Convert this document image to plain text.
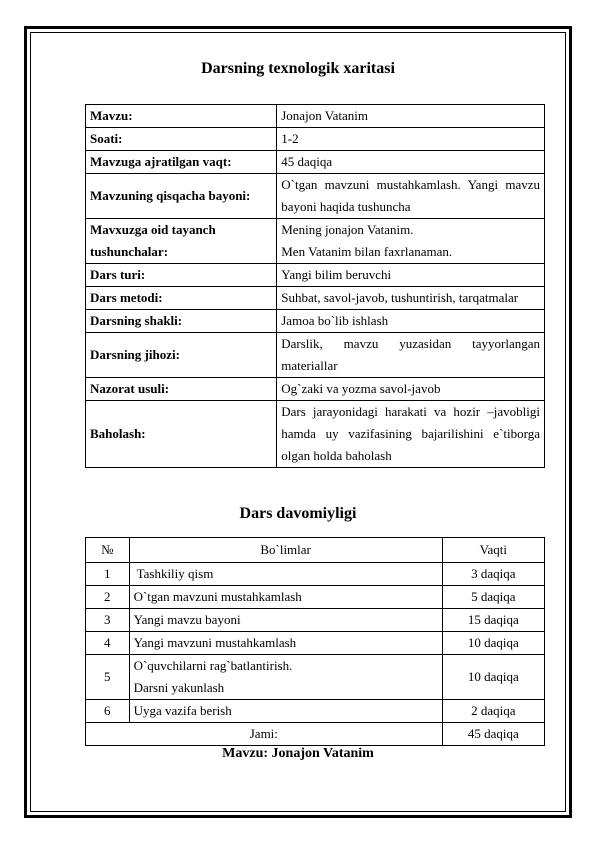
Darsning texnologik xaritasi
Mavzu:	Jonajon Vatanim

Soati:	1-2

Mavzuga ajratilgan vaqt:	45 daqiqa

Mavzuning qisqacha bayoni:	O`tgan mavzuni mustahkamlash. Yangi mavzu bayoni haqida tushuncha

Mavxuzga oid tayanch tushunchalar:	Mening jonajon Vatanim.
Men Vatanim bilan faxrlanaman.

Dars turi:	Yangi bilim beruvchi

Dars metodi:	Suhbat, savol-javob, tushuntirish, tarqatmalar

Darsning shakli:	Jamoa bo`lib ishlash

Darsning jihozi:	Darslik, mavzu yuzasidan tayyorlangan materiallar

Nazorat usuli:	Og`zaki va yozma savol-javob

Baholash:	Dars jarayonidagi harakati va hozir –javobligi hamda uy vazifasining bajarilishini e`tiborga olgan holda baholash
Dars davomiyligi
№	Bo`limlar	Vaqti
1	Tashkiliy qism	3 daqiqa
2	O`tgan mavzuni mustahkamlash	5 daqiqa
3	Yangi mavzu bayoni	15 daqiqa
4	Yangi mavzuni mustahkamlash	10 daqiqa
5	O`quvchilarni rag`batlantirish.
Darsni yakunlash	10 daqiqa
6	Uyga vazifa berish	2 daqiqa
Jami:		45 daqiqa
Mavzu: Jonajon Vatanim
